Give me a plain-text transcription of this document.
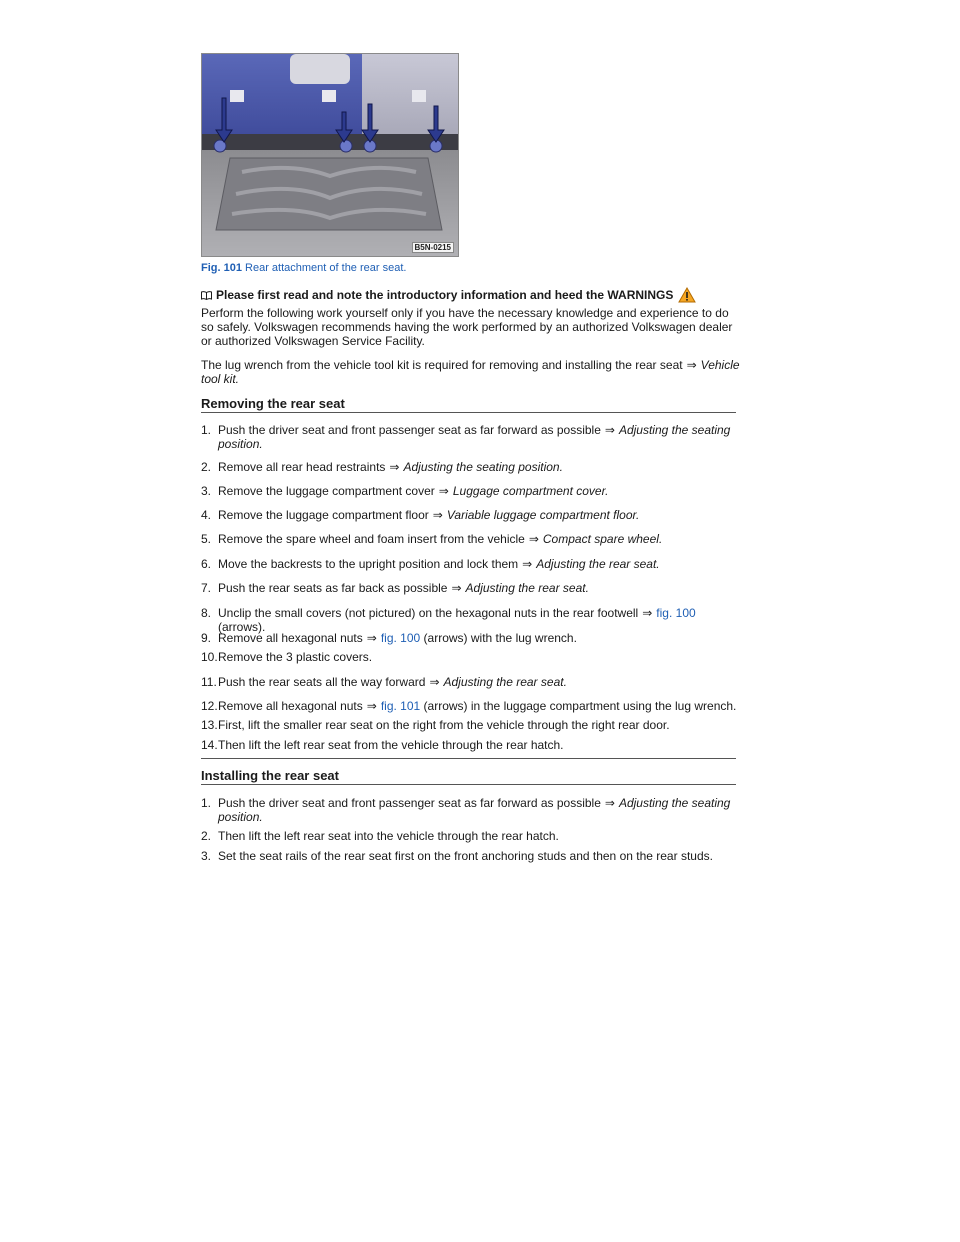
B5N-0215
Fig. 101 Rear attachment of the rear seat.
Please first read and note the introductory information and heed the WARNINGS
Perform the following work yourself only if you have the necessary knowledge and experience to do so safely. Volkswagen recommends having the work performed by an authorized Volkswagen dealer or authorized Volkswagen Service Facility.
The lug wrench from the vehicle tool kit is required for removing and installing the rear seat ⇒ Vehicle tool kit.
Removing the rear seat
1. Push the driver seat and front passenger seat as far forward as possible ⇒ Adjusting the seating position.
2. Remove all rear head restraints ⇒ Adjusting the seating position.
3. Remove the luggage compartment cover ⇒ Luggage compartment cover.
4. Remove the luggage compartment floor ⇒ Variable luggage compartment floor.
5. Remove the spare wheel and foam insert from the vehicle ⇒ Compact spare wheel.
6. Move the backrests to the upright position and lock them ⇒ Adjusting the rear seat.
7. Push the rear seats as far back as possible ⇒ Adjusting the rear seat.
8. Unclip the small covers (not pictured) on the hexagonal nuts in the rear footwell ⇒ fig. 100 (arrows).
9. Remove all hexagonal nuts ⇒ fig. 100 (arrows) with the lug wrench.
10. Remove the 3 plastic covers.
11. Push the rear seats all the way forward ⇒ Adjusting the rear seat.
12. Remove all hexagonal nuts ⇒ fig. 101 (arrows) in the luggage compartment using the lug wrench.
13. First, lift the smaller rear seat on the right from the vehicle through the right rear door.
14. Then lift the left rear seat from the vehicle through the rear hatch.
Installing the rear seat
1. Push the driver seat and front passenger seat as far forward as possible ⇒ Adjusting the seating position.
2. Then lift the left rear seat into the vehicle through the rear hatch.
3. Set the seat rails of the rear seat first on the front anchoring studs and then on the rear studs.
